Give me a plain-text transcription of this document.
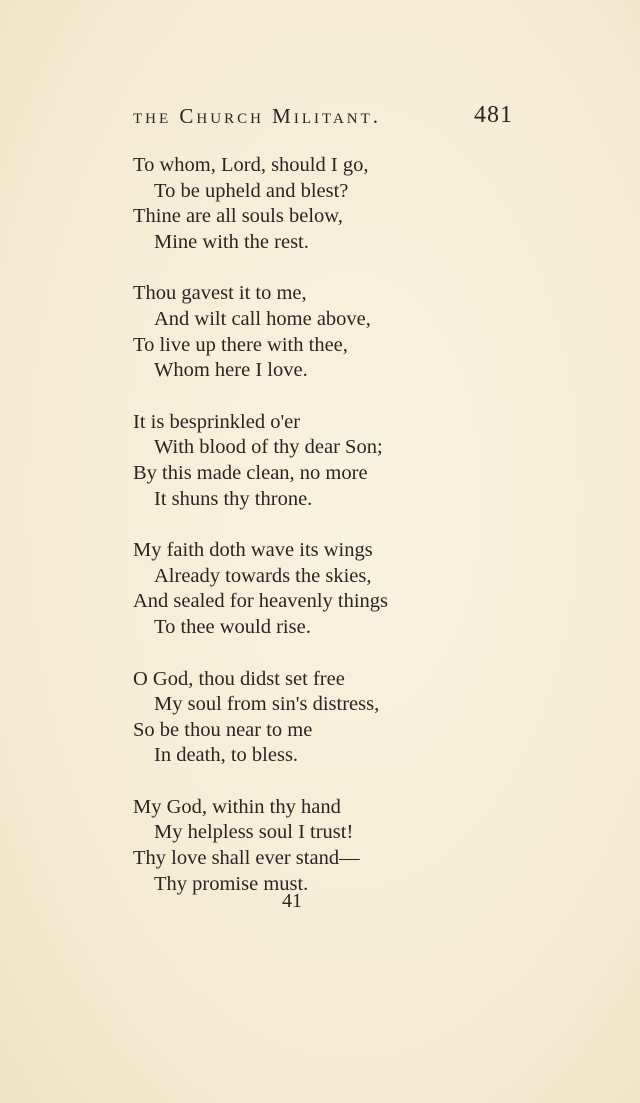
the Church Militant.	481
To whom, Lord, should I go,
To be upheld and blest?
Thine are all souls below,
Mine with the rest.
Thou gavest it to me,
And wilt call home above,
To live up there with thee,
Whom here I love.
It is besprinkled o'er
With blood of thy dear Son;
By this made clean, no more
It shuns thy throne.
My faith doth wave its wings
Already towards the skies,
And sealed for heavenly things
To thee would rise.
O God, thou didst set free
My soul from sin's distress,
So be thou near to me
In death, to bless.
My God, within thy hand
My helpless soul I trust!
Thy love shall ever stand—
Thy promise must.
41
